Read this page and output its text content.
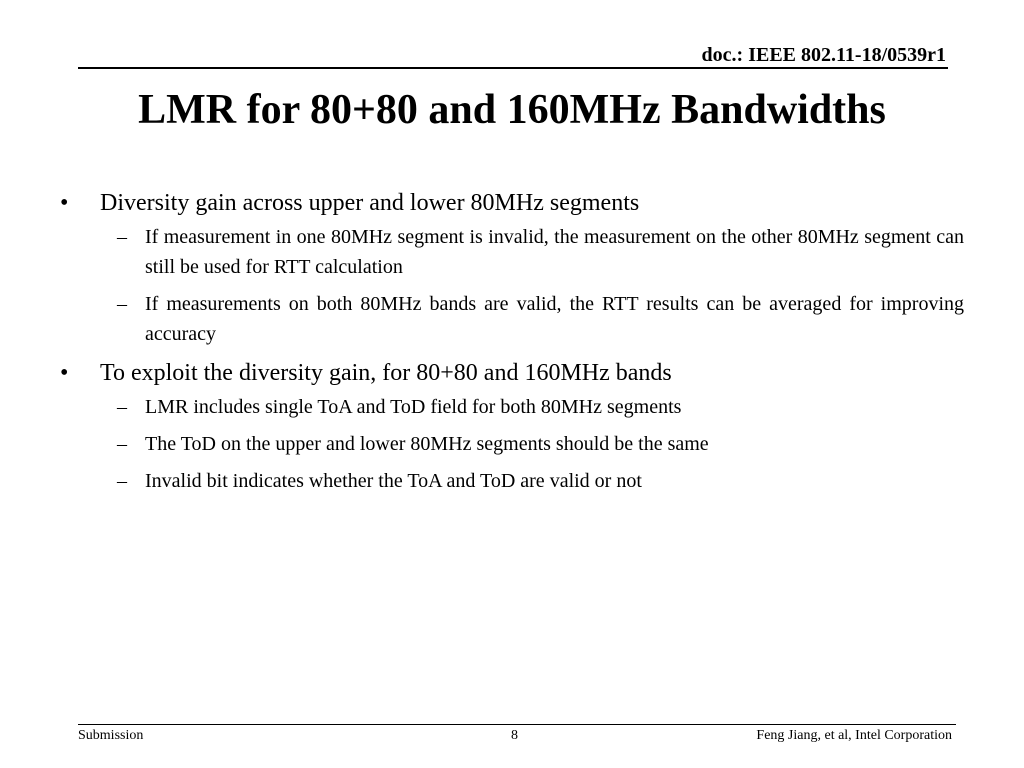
doc.: IEEE 802.11-18/0539r1
LMR for 80+80 and 160MHz Bandwidths
• Diversity gain across upper and lower 80MHz segments
– If measurement in one 80MHz segment is invalid, the measurement on the other 80MHz segment can still be used for RTT calculation
– If measurements on both 80MHz bands are valid, the RTT results can be averaged for improving accuracy
• To exploit the diversity gain, for 80+80 and 160MHz bands
– LMR includes single ToA and ToD field for both 80MHz segments
– The ToD on the upper and lower 80MHz segments should be the same
– Invalid bit indicates whether the ToA and ToD are valid or not
Submission	8	Feng Jiang, et al, Intel Corporation
